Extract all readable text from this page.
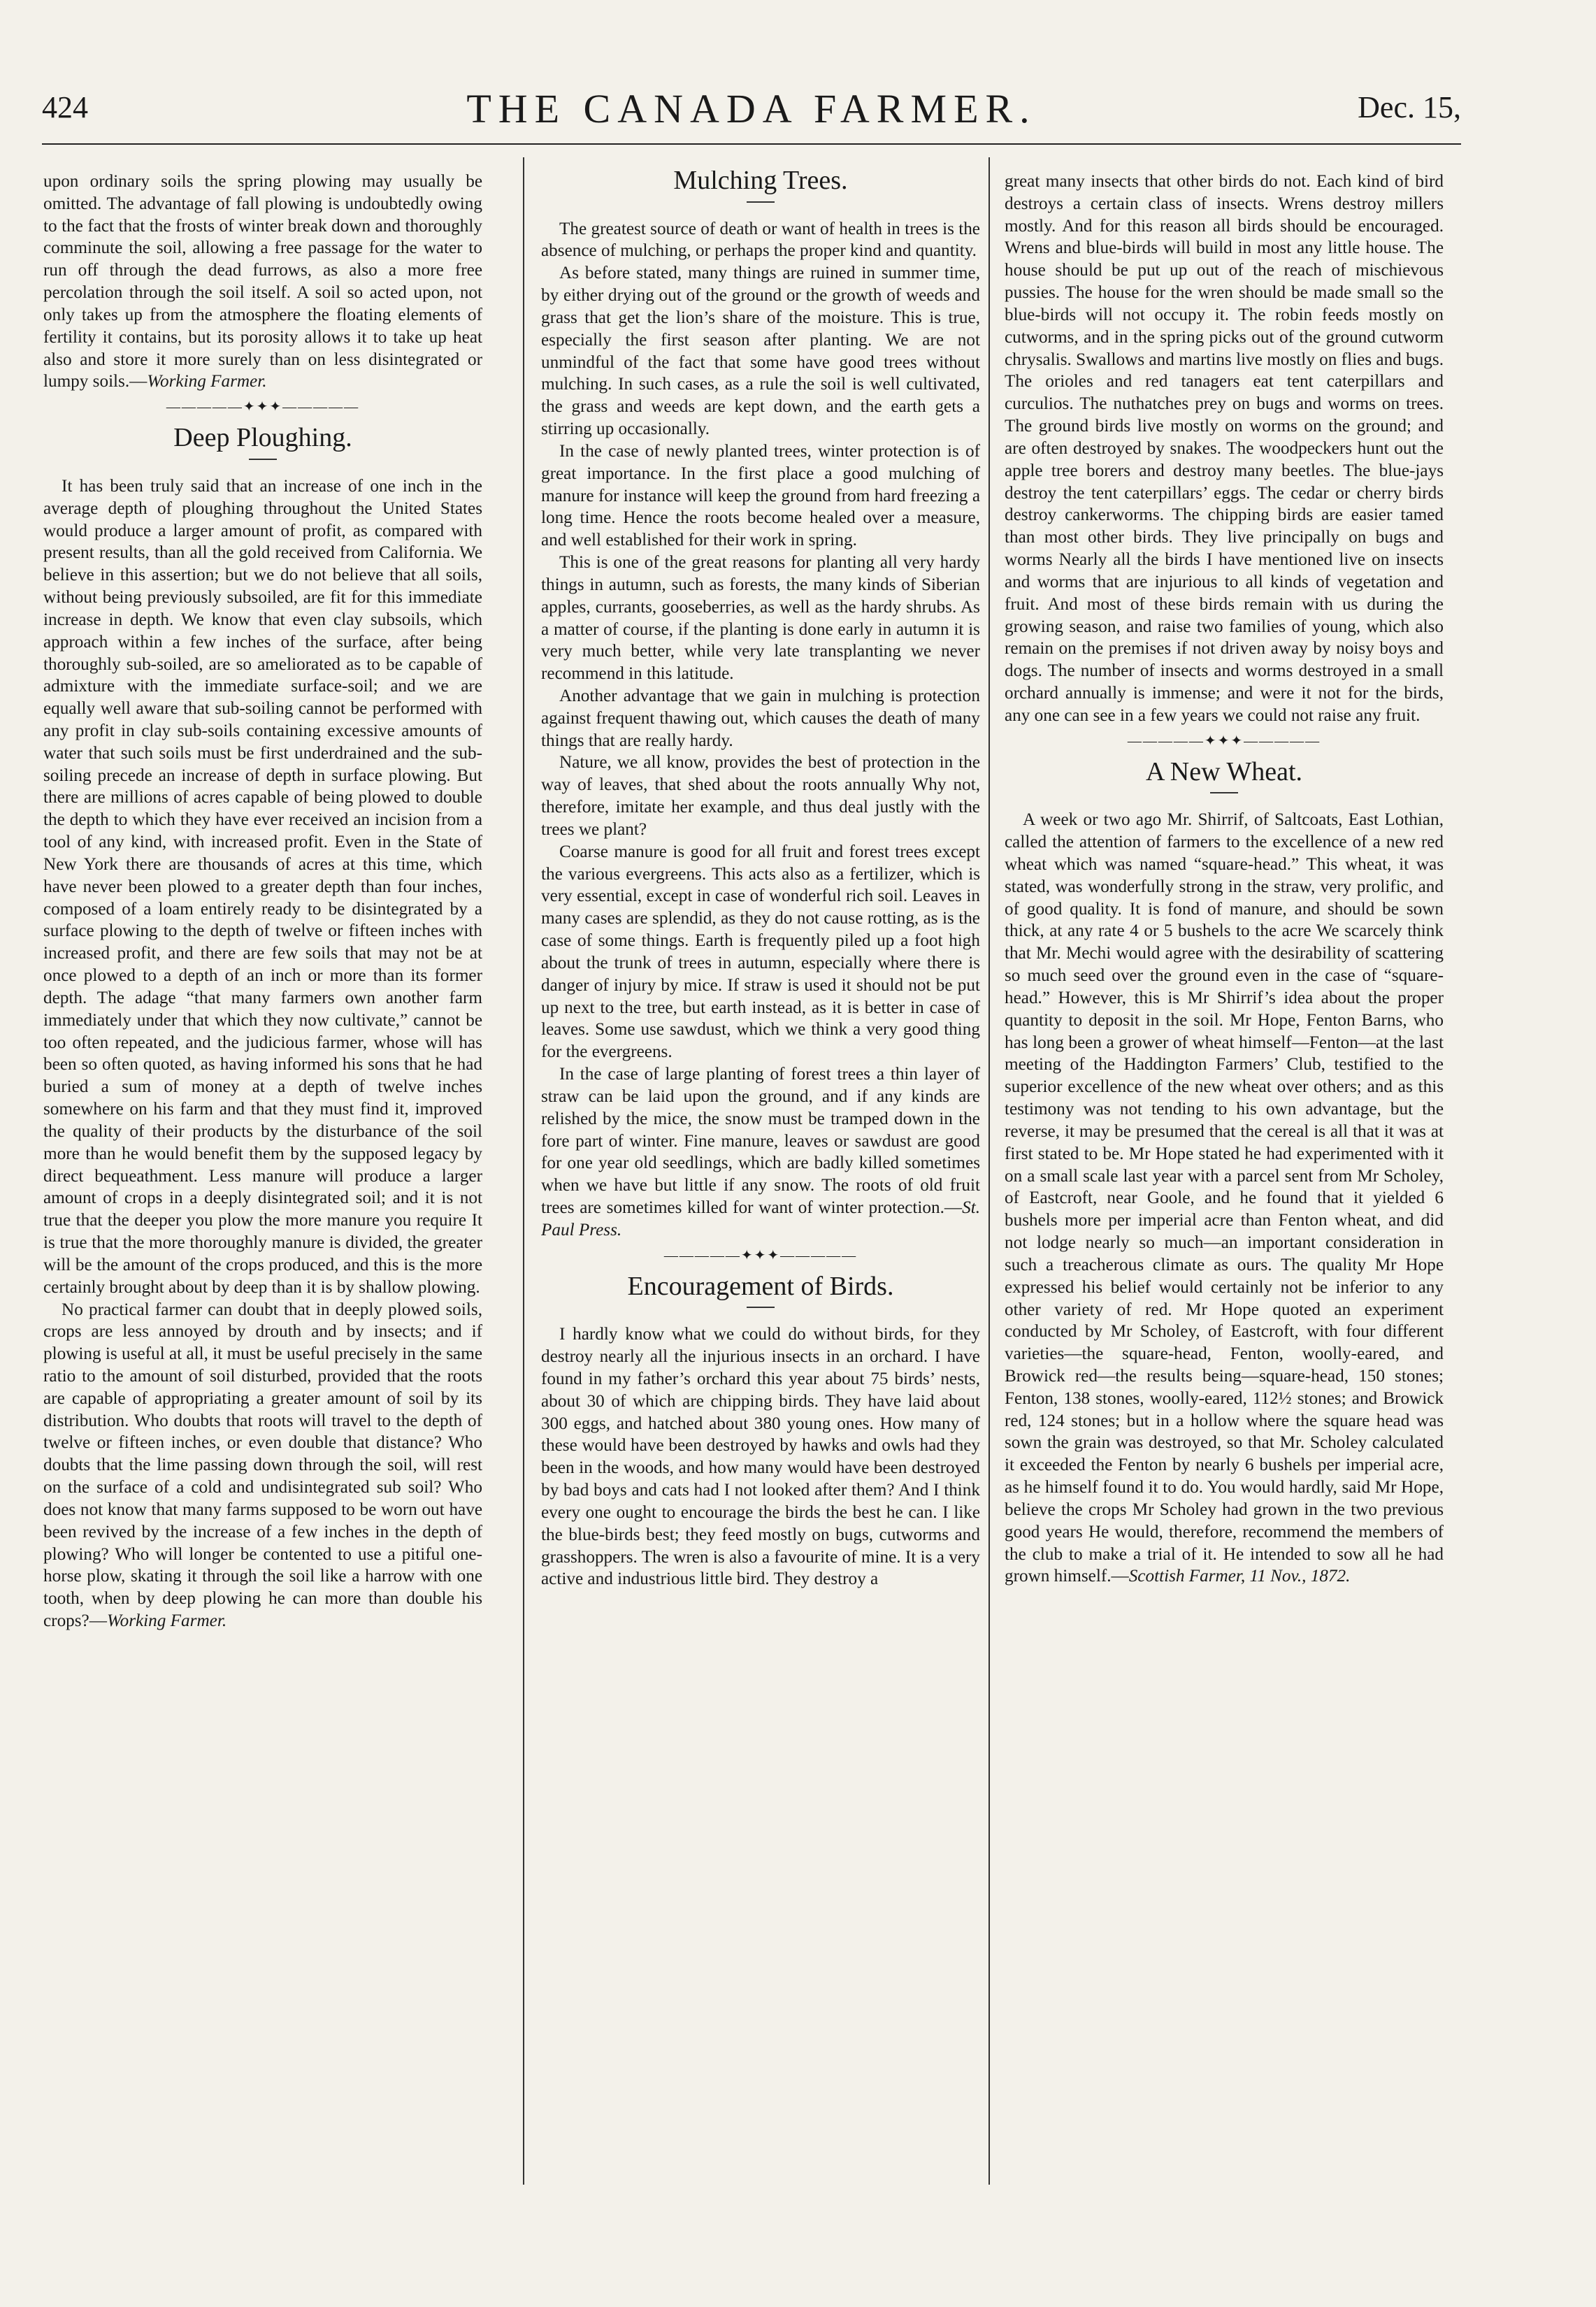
424	THE CANADA FARMER.	Dec. 15,

upon ordinary soils the spring plowing may usually be omitted. The advantage of fall plowing is undoubtedly owing to the fact that the frosts of winter break down and thoroughly comminute the soil, allowing a free passage for the water to run off through the dead furrows, as also a more free percolation through the soil itself. A soil so acted upon, not only takes up from the atmosphere the floating elements of fertility it contains, but its porosity allows it to take up heat also and store it more surely than on less disintegrated or lumpy soils.—Working Farmer.

—————✦✦✦—————
Deep Ploughing.

It has been truly said that an increase of one inch in the average depth of ploughing throughout the United States would produce a larger amount of profit, as compared with present results, than all the gold received from California. We believe in this assertion; but we do not believe that all soils, without being previously subsoiled, are fit for this immediate increase in depth. We know that even clay subsoils, which approach within a few inches of the surface, after being thoroughly sub-soiled, are so ameliorated as to be capable of admixture with the immediate surface-soil; and we are equally well aware that sub-soiling cannot be performed with any profit in clay sub-soils containing excessive amounts of water that such soils must be first underdrained and the sub-soiling precede an increase of depth in surface plowing. But there are millions of acres capable of being plowed to double the depth to which they have ever received an incision from a tool of any kind, with increased profit. Even in the State of New York there are thousands of acres at this time, which have never been plowed to a greater depth than four inches, composed of a loam entirely ready to be disintegrated by a surface plowing to the depth of twelve or fifteen inches with increased profit, and there are few soils that may not be at once plowed to a depth of an inch or more than its former depth. The adage “that many farmers own another farm immediately under that which they now cultivate,” cannot be too often repeated, and the judicious farmer, whose will has been so often quoted, as having informed his sons that he had buried a sum of money at a depth of twelve inches somewhere on his farm and that they must find it, improved the quality of their products by the disturbance of the soil more than he would benefit them by the supposed legacy by direct bequeathment. Less manure will produce a larger amount of crops in a deeply disintegrated soil; and it is not true that the deeper you plow the more manure you require It is true that the more thoroughly manure is divided, the greater will be the amount of the crops produced, and this is the more certainly brought about by deep than it is by shallow plowing.

No practical farmer can doubt that in deeply plowed soils, crops are less annoyed by drouth and by insects; and if plowing is useful at all, it must be useful precisely in the same ratio to the amount of soil disturbed, provided that the roots are capable of appropriating a greater amount of soil by its distribution. Who doubts that roots will travel to the depth of twelve or fifteen inches, or even double that distance? Who doubts that the lime passing down through the soil, will rest on the surface of a cold and undisintegrated sub soil? Who does not know that many farms supposed to be worn out have been revived by the increase of a few inches in the depth of plowing? Who will longer be contented to use a pitiful one-horse plow, skating it through the soil like a harrow with one tooth, when by deep plowing he can more than double his crops?—Working Farmer.

Mulching Trees.

The greatest source of death or want of health in trees is the absence of mulching, or perhaps the proper kind and quantity.

As before stated, many things are ruined in summer time, by either drying out of the ground or the growth of weeds and grass that get the lion’s share of the moisture. This is true, especially the first season after planting. We are not unmindful of the fact that some have good trees without mulching. In such cases, as a rule the soil is well cultivated, the grass and weeds are kept down, and the earth gets a stirring up occasionally.

In the case of newly planted trees, winter protection is of great importance. In the first place a good mulching of manure for instance will keep the ground from hard freezing a long time. Hence the roots become healed over a measure, and well established for their work in spring.

This is one of the great reasons for planting all very hardy things in autumn, such as forests, the many kinds of Siberian apples, currants, gooseberries, as well as the hardy shrubs. As a matter of course, if the planting is done early in autumn it is very much better, while very late transplanting we never recommend in this latitude.

Another advantage that we gain in mulching is protection against frequent thawing out, which causes the death of many things that are really hardy.

Nature, we all know, provides the best of protection in the way of leaves, that shed about the roots annually Why not, therefore, imitate her example, and thus deal justly with the trees we plant?

Coarse manure is good for all fruit and forest trees except the various evergreens. This acts also as a fertilizer, which is very essential, except in case of wonderful rich soil. Leaves in many cases are splendid, as they do not cause rotting, as is the case of some things. Earth is frequently piled up a foot high about the trunk of trees in autumn, especially where there is danger of injury by mice. If straw is used it should not be put up next to the tree, but earth instead, as it is better in case of leaves. Some use sawdust, which we think a very good thing for the evergreens.

In the case of large planting of forest trees a thin layer of straw can be laid upon the ground, and if any kinds are relished by the mice, the snow must be tramped down in the fore part of winter. Fine manure, leaves or sawdust are good for one year old seedlings, which are badly killed sometimes when we have but little if any snow. The roots of old fruit trees are sometimes killed for want of winter protection.—St. Paul Press.

—————✦✦✦—————
Encouragement of Birds.

I hardly know what we could do without birds, for they destroy nearly all the injurious insects in an orchard. I have found in my father’s orchard this year about 75 birds’ nests, about 30 of which are chipping birds. They have laid about 300 eggs, and hatched about 380 young ones. How many of these would have been destroyed by hawks and owls had they been in the woods, and how many would have been destroyed by bad boys and cats had I not looked after them? And I think every one ought to encourage the birds the best he can. I like the blue-birds best; they feed mostly on bugs, cutworms and grasshoppers. The wren is also a favourite of mine. It is a very active and industrious little bird. They destroy a

great many insects that other birds do not. Each kind of bird destroys a certain class of insects. Wrens destroy millers mostly. And for this reason all birds should be encouraged. Wrens and blue-birds will build in most any little house. The house should be put up out of the reach of mischievous pussies. The house for the wren should be made small so the blue-birds will not occupy it. The robin feeds mostly on cutworms, and in the spring picks out of the ground cutworm chrysalis. Swallows and martins live mostly on flies and bugs. The orioles and red tanagers eat tent caterpillars and curculios. The nuthatches prey on bugs and worms on trees. The ground birds live mostly on worms on the ground; and are often destroyed by snakes. The woodpeckers hunt out the apple tree borers and destroy many beetles. The blue-jays destroy the tent caterpillars’ eggs. The cedar or cherry birds destroy cankerworms. The chipping birds are easier tamed than most other birds. They live principally on bugs and worms Nearly all the birds I have mentioned live on insects and worms that are injurious to all kinds of vegetation and fruit. And most of these birds remain with us during the growing season, and raise two families of young, which also remain on the premises if not driven away by noisy boys and dogs. The number of insects and worms destroyed in a small orchard annually is immense; and were it not for the birds, any one can see in a few years we could not raise any fruit.

—————✦✦✦—————
A New Wheat.

A week or two ago Mr. Shirrif, of Saltcoats, East Lothian, called the attention of farmers to the excellence of a new red wheat which was named “square-head.” This wheat, it was stated, was wonderfully strong in the straw, very prolific, and of good quality. It is fond of manure, and should be sown thick, at any rate 4 or 5 bushels to the acre We scarcely think that Mr. Mechi would agree with the desirability of scattering so much seed over the ground even in the case of “square-head.” However, this is Mr Shirrif’s idea about the proper quantity to deposit in the soil. Mr Hope, Fenton Barns, who has long been a grower of wheat himself—Fenton—at the last meeting of the Haddington Farmers’ Club, testified to the superior excellence of the new wheat over others; and as this testimony was not tending to his own advantage, but the reverse, it may be presumed that the cereal is all that it was at first stated to be. Mr Hope stated he had experimented with it on a small scale last year with a parcel sent from Mr Scholey, of Eastcroft, near Goole, and he found that it yielded 6 bushels more per imperial acre than Fenton wheat, and did not lodge nearly so much—an important consideration in such a treacherous climate as ours. The quality Mr Hope expressed his belief would certainly not be inferior to any other variety of red. Mr Hope quoted an experiment conducted by Mr Scholey, of Eastcroft, with four different varieties—the square-head, Fenton, woolly-eared, and Browick red—the results being—square-head, 150 stones; Fenton, 138 stones, woolly-eared, 112½ stones; and Browick red, 124 stones; but in a hollow where the square head was sown the grain was destroyed, so that Mr. Scholey calculated it exceeded the Fenton by nearly 6 bushels per imperial acre, as he himself found it to do. You would hardly, said Mr Hope, believe the crops Mr Scholey had grown in the two previous good years He would, therefore, recommend the members of the club to make a trial of it. He intended to sow all he had grown himself.—Scottish Farmer, 11 Nov., 1872.
